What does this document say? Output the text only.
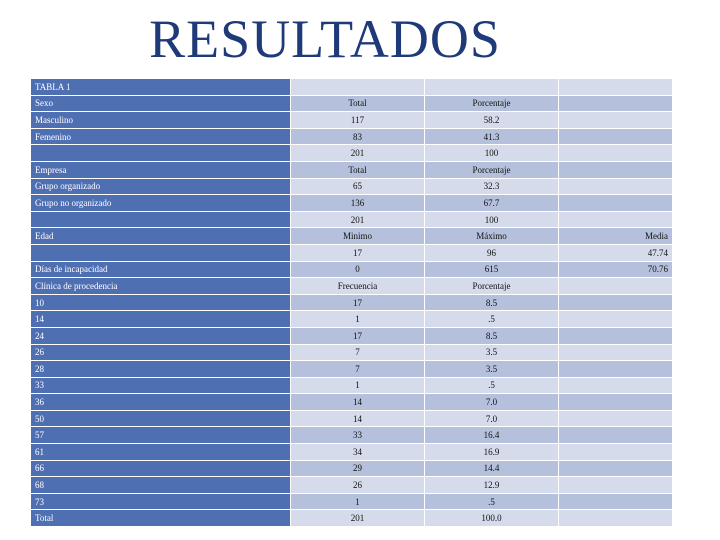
RESULTADOS
TABLA 1			
Sexo	Total	Porcentaje	
Masculino	117	58.2	
Femenino	83	41.3	
	201	100	
Empresa	Total	Porcentaje	
Grupo organizado	65	32.3	
Grupo no organizado	136	67.7	
	201	100	
Edad	Minimo	Máximo	Media
	17	96	47.74
Días de incapacidad	0	615	70.76
Clínica de procedencia	Frecuencia	Porcentaje	
10	17	8.5	
14	1	.5	
24	17	8.5	
26	7	3.5	
28	7	3.5	
33	1	.5	
36	14	7.0	
50	14	7.0	
57	33	16.4	
61	34	16.9	
66	29	14.4	
68	26	12.9	
73	1	.5	
Total	201	100.0	
